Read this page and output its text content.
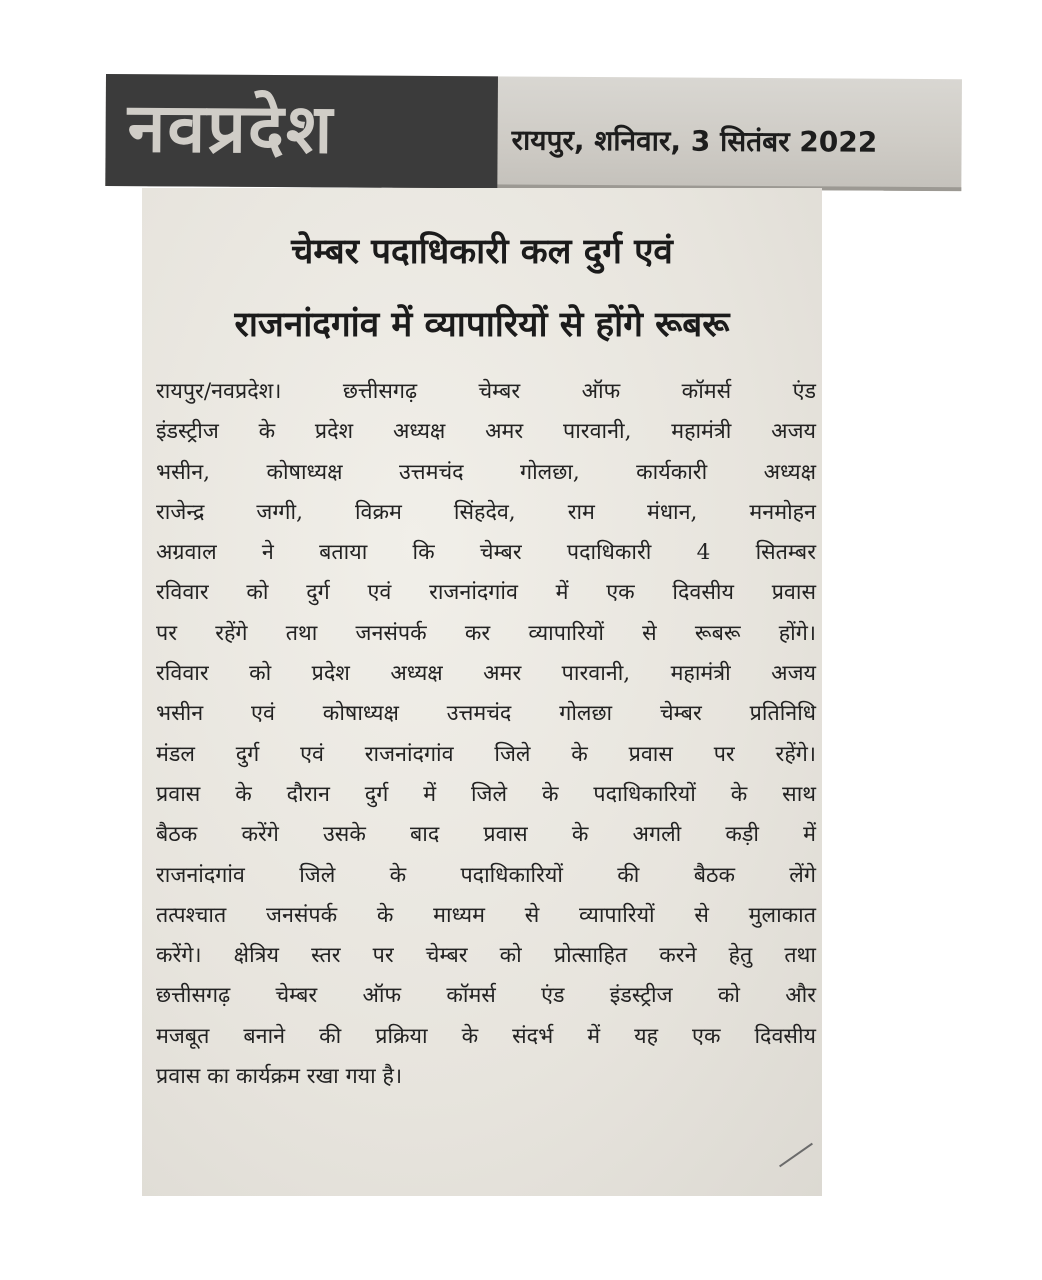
नवप्रदेश	रायपुर, शनिवार, 3 सितंबर 2022
चेम्बर पदाधिकारी कल दुर्ग एवं
राजनांदगांव में व्यापारियों से होंगे रूबरू
रायपुर/नवप्रदेश। छत्तीसगढ़ चेम्बर ऑफ कॉमर्स एंड
इंडस्ट्रीज के प्रदेश अध्यक्ष अमर पारवानी, महामंत्री अजय
भसीन, कोषाध्यक्ष उत्तमचंद गोलछा, कार्यकारी अध्यक्ष
राजेन्द्र जग्गी, विक्रम सिंहदेव, राम मंधान, मनमोहन
अग्रवाल ने बताया कि चेम्बर पदाधिकारी 4 सितम्बर
रविवार को दुर्ग एवं राजनांदगांव में एक दिवसीय प्रवास
पर रहेंगे तथा जनसंपर्क कर व्यापारियों से रूबरू होंगे।
रविवार को प्रदेश अध्यक्ष अमर पारवानी, महामंत्री अजय
भसीन एवं कोषाध्यक्ष उत्तमचंद गोलछा चेम्बर प्रतिनिधि
मंडल दुर्ग एवं राजनांदगांव जिले के प्रवास पर रहेंगे।
प्रवास के दौरान दुर्ग में जिले के पदाधिकारियों के साथ
बैठक करेंगे उसके बाद प्रवास के अगली कड़ी में
राजनांदगांव जिले के पदाधिकारियों की बैठक लेंगे
तत्पश्चात जनसंपर्क के माध्यम से व्यापारियों से मुलाकात
करेंगे। क्षेत्रिय स्तर पर चेम्बर को प्रोत्साहित करने हेतु तथा
छत्तीसगढ़ चेम्बर ऑफ कॉमर्स एंड इंडस्ट्रीज को और
मजबूत बनाने की प्रक्रिया के संदर्भ में यह एक दिवसीय
प्रवास का कार्यक्रम रखा गया है।
